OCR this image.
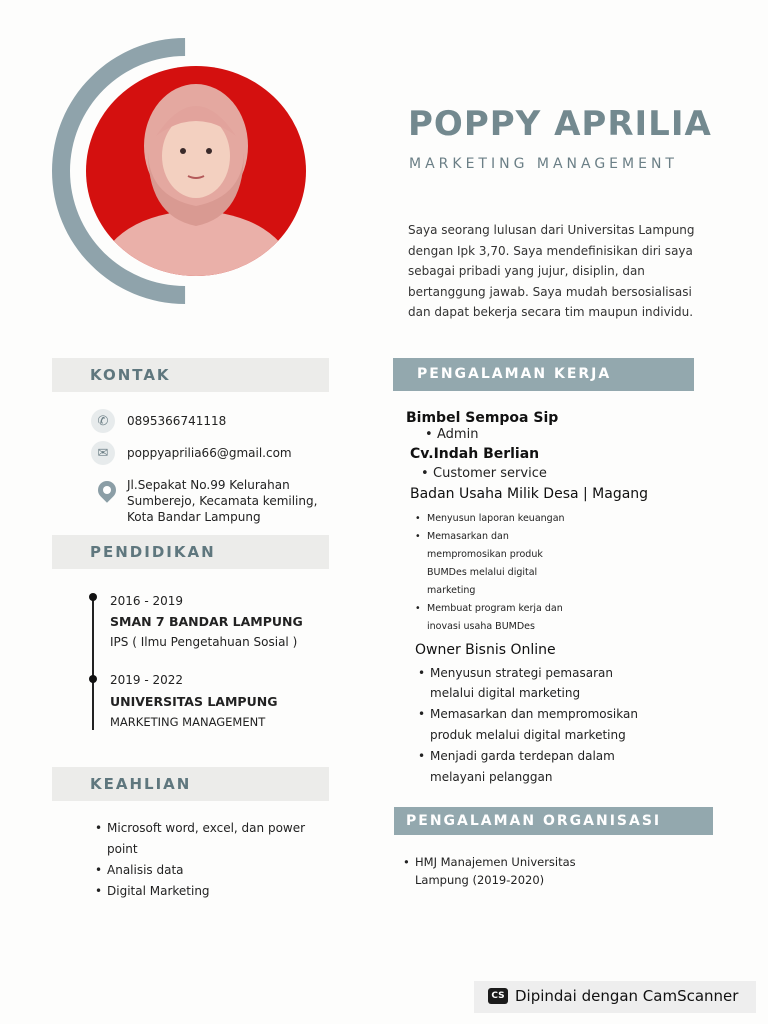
POPPY APRILIA
MARKETING MANAGEMENT
Saya seorang lulusan dari Universitas Lampung
dengan Ipk 3,70. Saya mendefinisikan diri saya
sebagai pribadi yang jujur, disiplin, dan
bertanggung jawab. Saya mudah bersosialisasi
dan dapat bekerja secara tim maupun individu.
KONTAK
✆	0895366741118
✉	poppyaprilia66@gmail.com
Jl.Sepakat No.99 Kelurahan
Sumberejo, Kecamata kemiling,
Kota Bandar Lampung
PENDIDIKAN
2016 - 2019
SMAN 7 BANDAR LAMPUNG
IPS ( Ilmu Pengetahuan Sosial )
2019 - 2022
UNIVERSITAS LAMPUNG
MARKETING MANAGEMENT
KEAHLIAN
• Microsoft word, excel, dan power
point
• Analisis data
• Digital Marketing
PENGALAMAN KERJA
Bimbel Sempoa Sip
• Admin
Cv.Indah Berlian
• Customer service
Badan Usaha Milik Desa | Magang
• Menyusun laporan keuangan
• Memasarkan dan
mempromosikan produk
BUMDes melalui digital
marketing
• Membuat program kerja dan
inovasi usaha BUMDes
Owner Bisnis Online
• Menyusun strategi pemasaran
melalui digital marketing
• Memasarkan dan mempromosikan
produk melalui digital marketing
• Menjadi garda terdepan dalam
melayani pelanggan
PENGALAMAN ORGANISASI
• HMJ Manajemen Universitas
Lampung (2019-2020)
CS Dipindai dengan CamScanner
